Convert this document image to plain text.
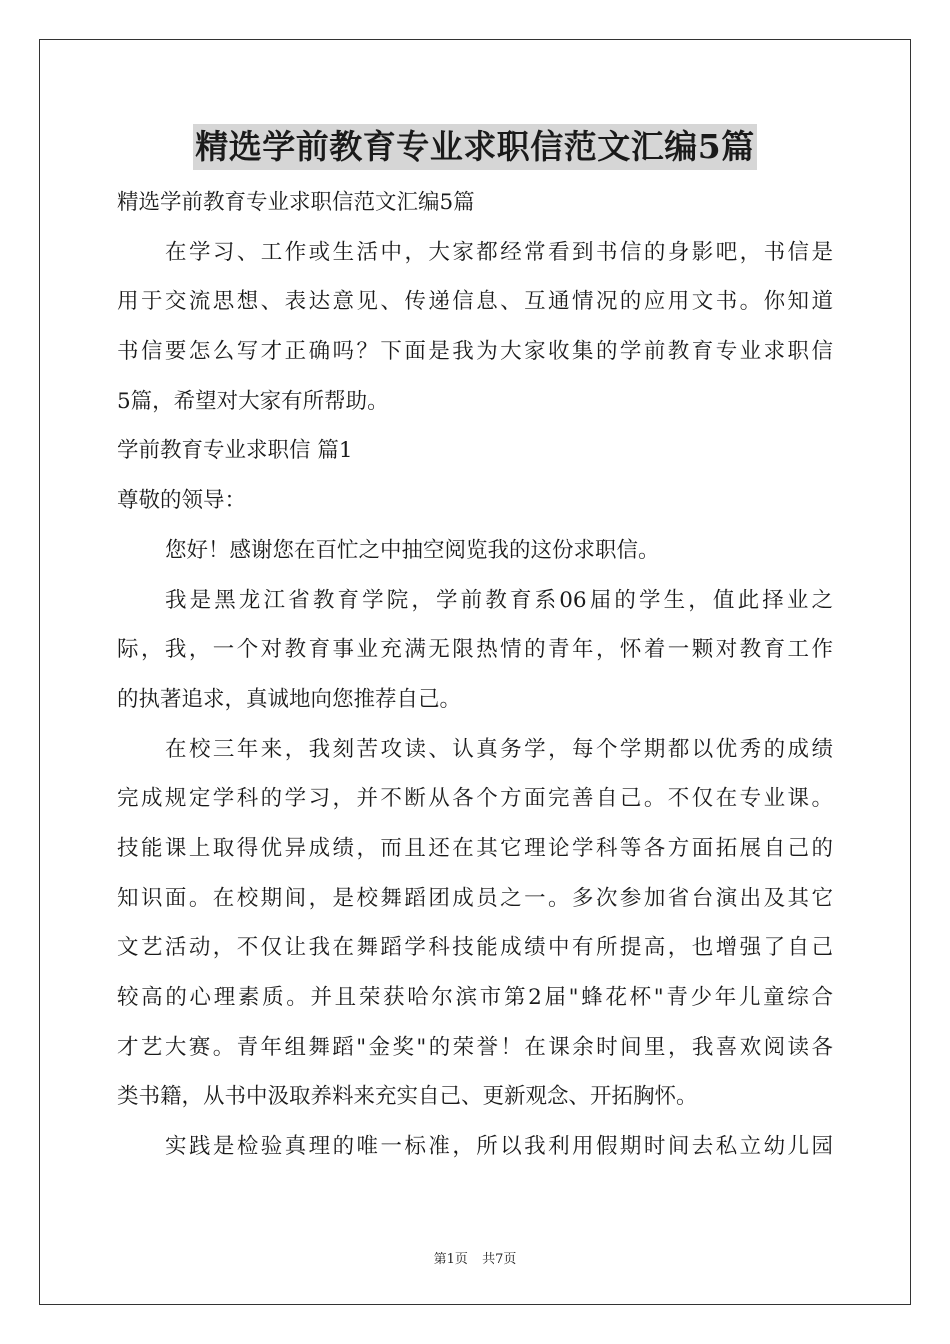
精选学前教育专业求职信范文汇编5篇
精选学前教育专业求职信范文汇编5篇
在学习、工作或生活中，大家都经常看到书信的身影吧，书信是
用于交流思想、表达意见、传递信息、互通情况的应用文书。你知道
书信要怎么写才正确吗？下面是我为大家收集的学前教育专业求职信
5篇，希望对大家有所帮助。
学前教育专业求职信 篇1
尊敬的领导：
您好！感谢您在百忙之中抽空阅览我的这份求职信。
我是黑龙江省教育学院，学前教育系06届的学生，值此择业之
际，我，一个对教育事业充满无限热情的青年，怀着一颗对教育工作
的执著追求，真诚地向您推荐自己。
在校三年来，我刻苦攻读、认真务学，每个学期都以优秀的成绩
完成规定学科的学习，并不断从各个方面完善自己。不仅在专业课。
技能课上取得优异成绩，而且还在其它理论学科等各方面拓展自己的
知识面。在校期间，是校舞蹈团成员之一。多次参加省台演出及其它
文艺活动，不仅让我在舞蹈学科技能成绩中有所提高，也增强了自己
较高的心理素质。并且荣获哈尔滨市第2届"蜂花杯"青少年儿童综合
才艺大赛。青年组舞蹈"金奖"的荣誉！在课余时间里，我喜欢阅读各
类书籍，从书中汲取养料来充实自己、更新观念、开拓胸怀。
实践是检验真理的唯一标准，所以我利用假期时间去私立幼儿园
第1页 共7页
